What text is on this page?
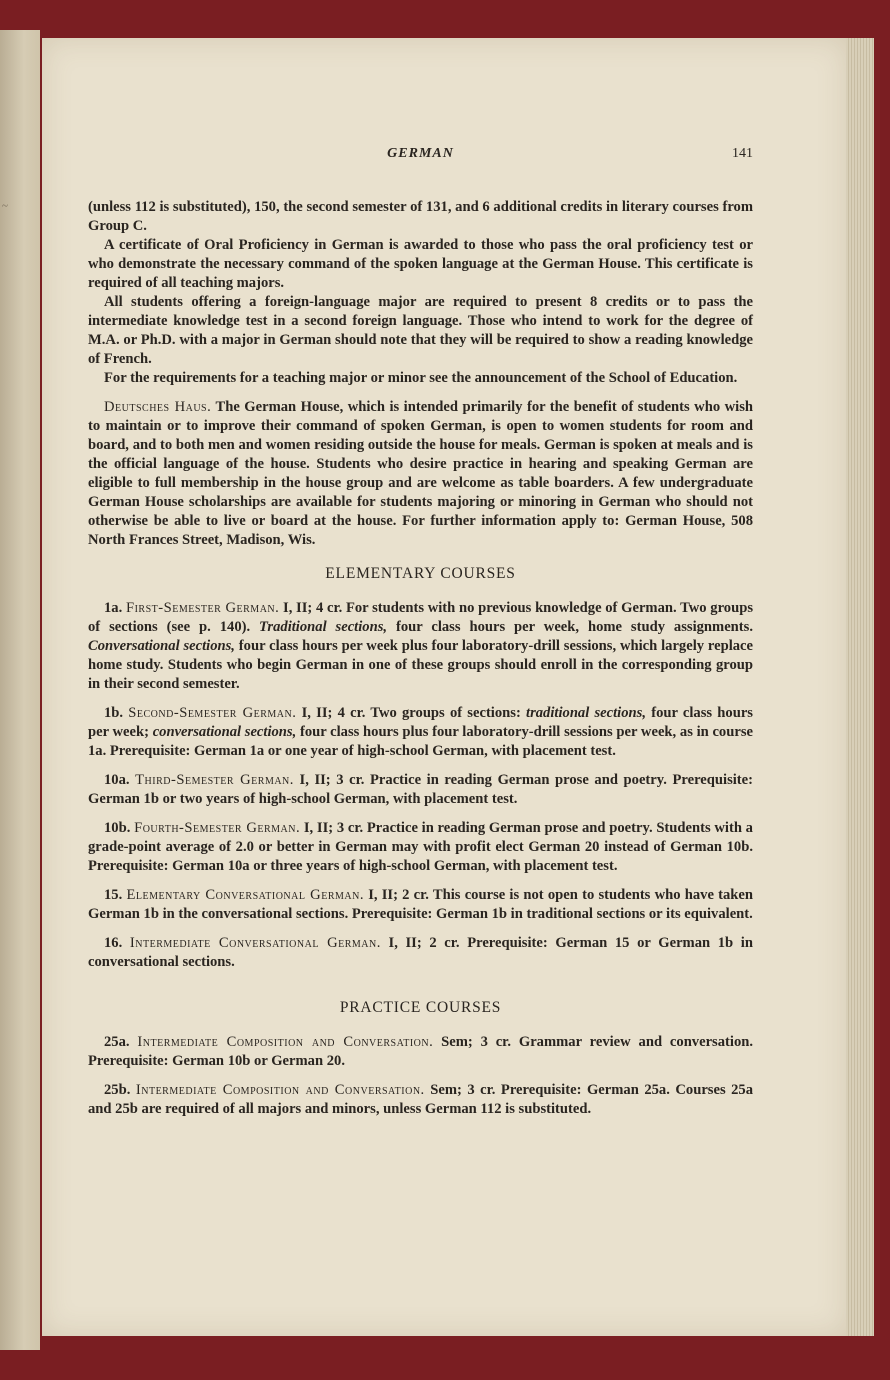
~
GERMAN	141

(unless 112 is substituted), 150, the second semester of 131, and 6 additional credits in literary courses from Group C.

A certificate of Oral Proficiency in German is awarded to those who pass the oral proficiency test or who demonstrate the necessary command of the spoken language at the German House. This certificate is required of all teaching majors.

All students offering a foreign-language major are required to present 8 credits or to pass the intermediate knowledge test in a second foreign language. Those who intend to work for the degree of M.A. or Ph.D. with a major in German should note that they will be required to show a reading knowledge of French.

For the requirements for a teaching major or minor see the announcement of the School of Education.

Deutsches Haus. The German House, which is intended primarily for the benefit of students who wish to maintain or to improve their command of spoken German, is open to women students for room and board, and to both men and women residing outside the house for meals. German is spoken at meals and is the official language of the house. Students who desire practice in hearing and speaking German are eligible to full membership in the house group and are welcome as table boarders. A few undergraduate German House scholarships are available for students majoring or minoring in German who should not otherwise be able to live or board at the house. For further information apply to: German House, 508 North Frances Street, Madison, Wis.

ELEMENTARY COURSES

1a. First-Semester German. I, II; 4 cr. For students with no previous knowledge of German. Two groups of sections (see p. 140). Traditional sections, four class hours per week, home study assignments. Conversational sections, four class hours per week plus four laboratory-drill sessions, which largely replace home study. Students who begin German in one of these groups should enroll in the corresponding group in their second semester.

1b. Second-Semester German. I, II; 4 cr. Two groups of sections: traditional sections, four class hours per week; conversational sections, four class hours plus four laboratory-drill sessions per week, as in course 1a. Prerequisite: German 1a or one year of high-school German, with placement test.

10a. Third-Semester German. I, II; 3 cr. Practice in reading German prose and poetry. Prerequisite: German 1b or two years of high-school German, with placement test.

10b. Fourth-Semester German. I, II; 3 cr. Practice in reading German prose and poetry. Students with a grade-point average of 2.0 or better in German may with profit elect German 20 instead of German 10b. Prerequisite: German 10a or three years of high-school German, with placement test.

15. Elementary Conversational German. I, II; 2 cr. This course is not open to students who have taken German 1b in the conversational sections. Prerequisite: German 1b in traditional sections or its equivalent.

16. Intermediate Conversational German. I, II; 2 cr. Prerequisite: German 15 or German 1b in conversational sections.

PRACTICE COURSES

25a. Intermediate Composition and Conversation. Sem; 3 cr. Grammar review and conversation. Prerequisite: German 10b or German 20.

25b. Intermediate Composition and Conversation. Sem; 3 cr. Prerequisite: German 25a. Courses 25a and 25b are required of all majors and minors, unless German 112 is substituted.
